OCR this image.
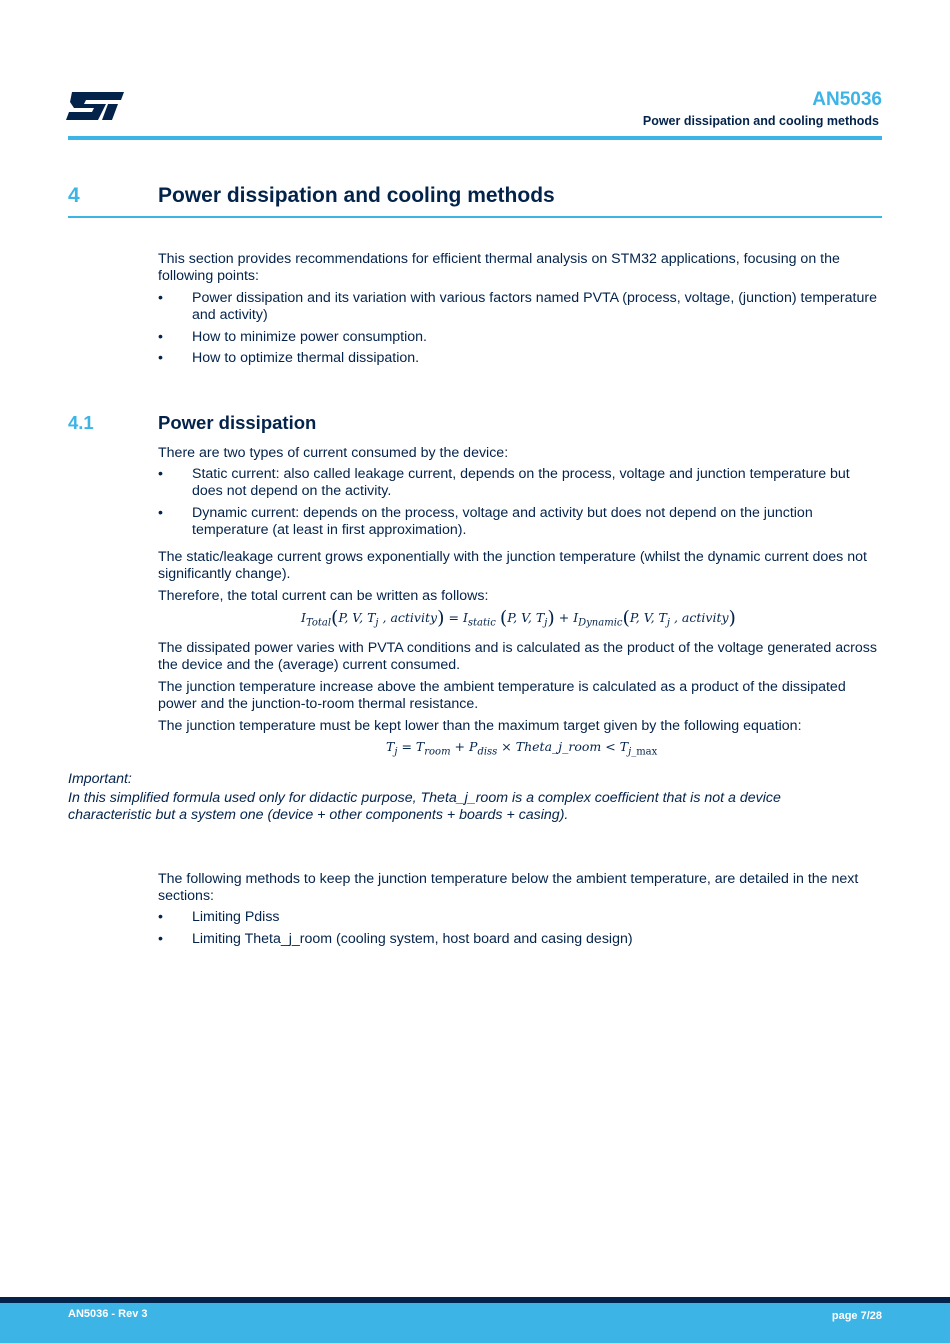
AN5036
Power dissipation and cooling methods
4	Power dissipation and cooling methods
This section provides recommendations for efficient thermal analysis on STM32 applications, focusing on the following points:
• Power dissipation and its variation with various factors named PVTA (process, voltage, (junction) temperature and activity)
• How to minimize power consumption.
• How to optimize thermal dissipation.
4.1	Power dissipation
There are two types of current consumed by the device:
• Static current: also called leakage current, depends on the process, voltage and junction temperature but does not depend on the activity.
• Dynamic current: depends on the process, voltage and activity but does not depend on the junction temperature (at least in first approximation).
The static/leakage current grows exponentially with the junction temperature (whilst the dynamic current does not significantly change).
Therefore, the total current can be written as follows:
$I_{Total}(P$, V, $T_j$ , activity) = $I_{static}$ (P, V, $T_j) + I_{Dynamic}(P$, V, $T_j$ , activity)
The dissipated power varies with PVTA conditions and is calculated as the product of the voltage generated across the device and the (average) current consumed.
The junction temperature increase above the ambient temperature is calculated as a product of the dissipated power and the junction-to-room thermal resistance.
The junction temperature must be kept lower than the maximum target given by the following equation:
$T_j = T_{room} + P_{diss}$ × Theta_j_room < $T_{j\_max}$
Important:
In this simplified formula used only for didactic purpose, Theta_j_room is a complex coefficient that is not a device characteristic but a system one (device + other components + boards + casing).
The following methods to keep the junction temperature below the ambient temperature, are detailed in the next sections:
• Limiting Pdiss
• Limiting Theta_j_room (cooling system, host board and casing design)
AN5036 - Rev 3	page 7/28
